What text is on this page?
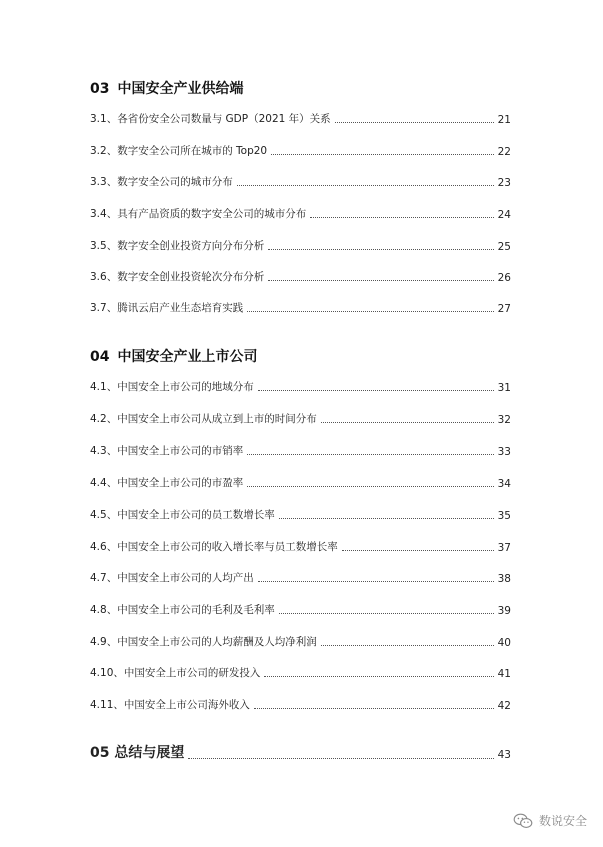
03 中国安全产业供给端
3.1、各省份安全公司数量与 GDP（2021 年）关系	21
3.2、数字安全公司所在城市的 Top20	22
3.3、数字安全公司的城市分布	23
3.4、具有产品资质的数字安全公司的城市分布	24
3.5、数字安全创业投资方向分布分析	25
3.6、数字安全创业投资轮次分布分析	26
3.7、腾讯云启产业生态培育实践	27
04 中国安全产业上市公司
4.1、中国安全上市公司的地域分布	31
4.2、中国安全上市公司从成立到上市的时间分布	32
4.3、中国安全上市公司的市销率	33
4.4、中国安全上市公司的市盈率	34
4.5、中国安全上市公司的员工数增长率	35
4.6、中国安全上市公司的收入增长率与员工数增长率	37
4.7、中国安全上市公司的人均产出	38
4.8、中国安全上市公司的毛利及毛利率	39
4.9、中国安全上市公司的人均薪酬及人均净利润	40
4.10、中国安全上市公司的研发投入	41
4.11、中国安全上市公司海外收入	42
05 总结与展望	43
数说安全
